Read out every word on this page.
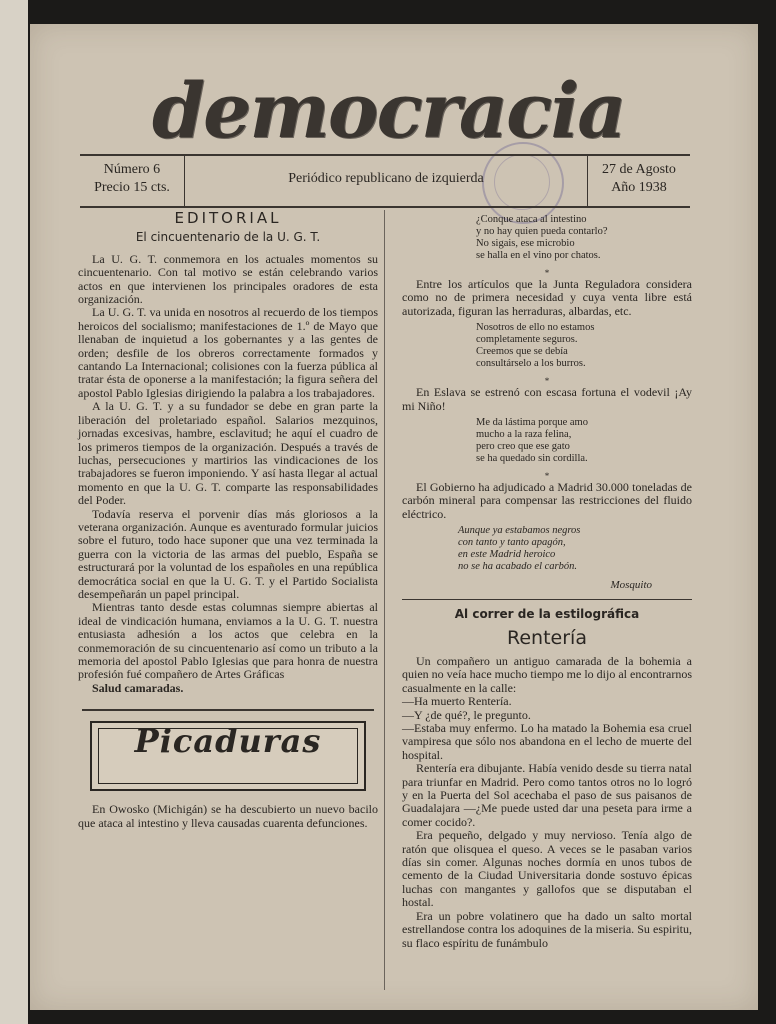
democracia
Número 6
Precio 15 cts.
Periódico republicano de izquierda
27 de Agosto
Año 1938

EDITORIAL

El cincuentenario de la U. G. T.

La U. G. T. conmemora en los actuales momentos su cincuentenario. Con tal motivo se están celebrando varios actos en que intervienen los principales oradores de esta organización.

La U. G. T. va unida en nosotros al recuerdo de los tiempos heroicos del socialismo; manifestaciones de 1.º de Mayo que llenaban de inquietud a los gobernantes y a las gentes de orden; desfile de los obreros correctamente formados y cantando La Internacional; colisiones con la fuerza pública al tratar ésta de oponerse a la manifestación; la figura señera del apostol Pablo Iglesias dirigiendo la palabra a los trabajadores.

A la U. G. T. y a su fundador se debe en gran parte la liberación del proletariado español. Salarios mezquinos, jornadas excesivas, hambre, esclavitud; he aquí el cuadro de los primeros tiempos de la organización. Después a través de luchas, persecuciones y martirios las vindicaciones de los trabajadores se fueron imponiendo. Y así hasta llegar al actual momento en que la U. G. T. comparte las responsabilidades del Poder.

Todavía reserva el porvenir días más gloriosos a la veterana organización. Aunque es aventurado formular juicios sobre el futuro, todo hace suponer que una vez terminada la guerra con la victoria de las armas del pueblo, España se estructurará por la voluntad de los españoles en una república democrática social en que la U. G. T. y el Partido Socialista desempeñarán un papel principal.

Mientras tanto desde estas columnas siempre abiertas al ideal de vindicación humana, enviamos a la U. G. T. nuestra entusiasta adhesión a los actos que celebra en la conmemoración de su cincuentenario así como un tributo a la memoria del apostol Pablo Iglesias que para honra de nuestra profesión fué compañero de Artes Gráficas

Salud camaradas.

Picaduras

En Owosko (Michigán) se ha descubierto un nuevo bacilo que ataca al intestino y lleva causadas cuarenta defunciones.

¿Conque ataca al intestino

y no hay quien pueda contarlo?

No sigais, ese microbio

se halla en el vino por chatos.

*

Entre los artículos que la Junta Reguladora considera como no de primera necesidad y cuya venta libre está autorizada, figuran las herraduras, albardas, etc.

Nosotros de ello no estamos

completamente seguros.

Creemos que se debía

consultárselo a los burros.

*

En Eslava se estrenó con escasa fortuna el vodevil ¡Ay mi Niño!

Me da lástima porque amo

mucho a la raza felina,

pero creo que ese gato

se ha quedado sin cordilla.

*

El Gobierno ha adjudicado a Madrid 30.000 toneladas de carbón mineral para compensar las restricciones del fluido eléctrico.

Aunque ya estabamos negros

con tanto y tanto apagón,

en este Madrid heroico

no se ha acabado el carbón.

Mosquito

Al correr de la estilográfica

Rentería

Un compañero un antiguo camarada de la bohemia a quien no veía hace mucho tiempo me lo dijo al encontrarnos casualmente en la calle:

—Ha muerto Rentería.

—Y ¿de qué?, le pregunto.

—Estaba muy enfermo. Lo ha matado la Bohemia esa cruel vampiresa que sólo nos abandona en el lecho de muerte del hospital.

Rentería era dibujante. Había venido desde su tierra natal para triunfar en Madrid. Pero como tantos otros no lo logró y en la Puerta del Sol acechaba el paso de sus paisanos de Guadalajara —¿Me puede usted dar una peseta para irme a comer cocido?.

Era pequeño, delgado y muy nervioso. Tenía algo de ratón que olisquea el queso. A veces se le pasaban varios días sin comer. Algunas noches dormía en unos tubos de cemento de la Ciudad Universitaria donde sostuvo épicas luchas con mangantes y gallofos que se disputaban el hostal.

Era un pobre volatinero que ha dado un salto mortal estrellandose contra los adoquines de la miseria. Su espiritu, su flaco espíritu de funámbulo
